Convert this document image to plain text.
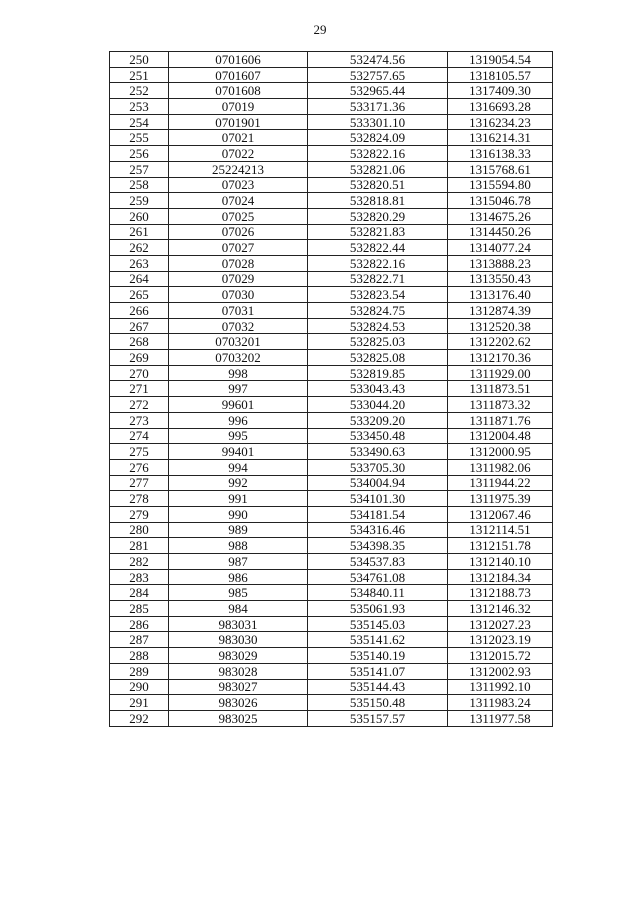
29
250	0701606	532474.56	1319054.54
251	0701607	532757.65	1318105.57
252	0701608	532965.44	1317409.30
253	07019	533171.36	1316693.28
254	0701901	533301.10	1316234.23
255	07021	532824.09	1316214.31
256	07022	532822.16	1316138.33
257	25224213	532821.06	1315768.61
258	07023	532820.51	1315594.80
259	07024	532818.81	1315046.78
260	07025	532820.29	1314675.26
261	07026	532821.83	1314450.26
262	07027	532822.44	1314077.24
263	07028	532822.16	1313888.23
264	07029	532822.71	1313550.43
265	07030	532823.54	1313176.40
266	07031	532824.75	1312874.39
267	07032	532824.53	1312520.38
268	0703201	532825.03	1312202.62
269	0703202	532825.08	1312170.36
270	998	532819.85	1311929.00
271	997	533043.43	1311873.51
272	99601	533044.20	1311873.32
273	996	533209.20	1311871.76
274	995	533450.48	1312004.48
275	99401	533490.63	1312000.95
276	994	533705.30	1311982.06
277	992	534004.94	1311944.22
278	991	534101.30	1311975.39
279	990	534181.54	1312067.46
280	989	534316.46	1312114.51
281	988	534398.35	1312151.78
282	987	534537.83	1312140.10
283	986	534761.08	1312184.34
284	985	534840.11	1312188.73
285	984	535061.93	1312146.32
286	983031	535145.03	1312027.23
287	983030	535141.62	1312023.19
288	983029	535140.19	1312015.72
289	983028	535141.07	1312002.93
290	983027	535144.43	1311992.10
291	983026	535150.48	1311983.24
292	983025	535157.57	1311977.58
